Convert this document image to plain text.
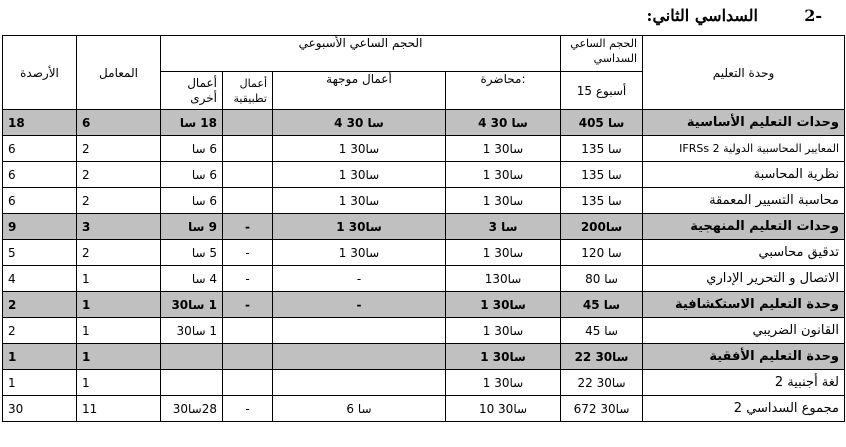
السداسي الثاني:	-2
الأرصدة	المعامل	الحجم الساعي الأسبوعي				الحجم الساعي السداسي	وحدة التعليم
		أعمال أخرى	أعمال تطبيقية	أعمال موجهة	محاضرة:	15 أسبوع	
18	6	18 سا		4 سا 30	4 سا 30	405 سا	وحدات التعليم الأساسية
6	2	6 سا		1 سا30	1 سا30	135 سا	المعايير المحاسبية الدولية IFRSs 2
6	2	6 سا		1 سا30	1 سا30	135 سا	نظرية المحاسبة
6	2	6 سا		1 سا30	1 سا30	135 سا	محاسبة التسيير المعمقة
9	3	9 سا	-	1 سا30	3 سا	200سا	وحدات التعليم المنهجية
5	2	5 سا	-	1 سا30	1 سا30	120 سا	تدقيق محاسبي
4	1	4 سا	-	-	1سا30	80 سا	الاتصال و التحرير الإداري
2	1	1 سا30	-	-	1 سا30	45 سا	وحدة التعليم الاستكشافية
2	1	1 سا30			1 سا30	45 سا	القانون الضريبي
1	1				1 سا30	22 سا30	وحدة التعليم الأفقية
1	1				1 سا30	22 سا30	لغة أجنبية 2
30	11	28سا30	-	6 سا	10 سا30	672 سا30	مجموع السداسي 2
